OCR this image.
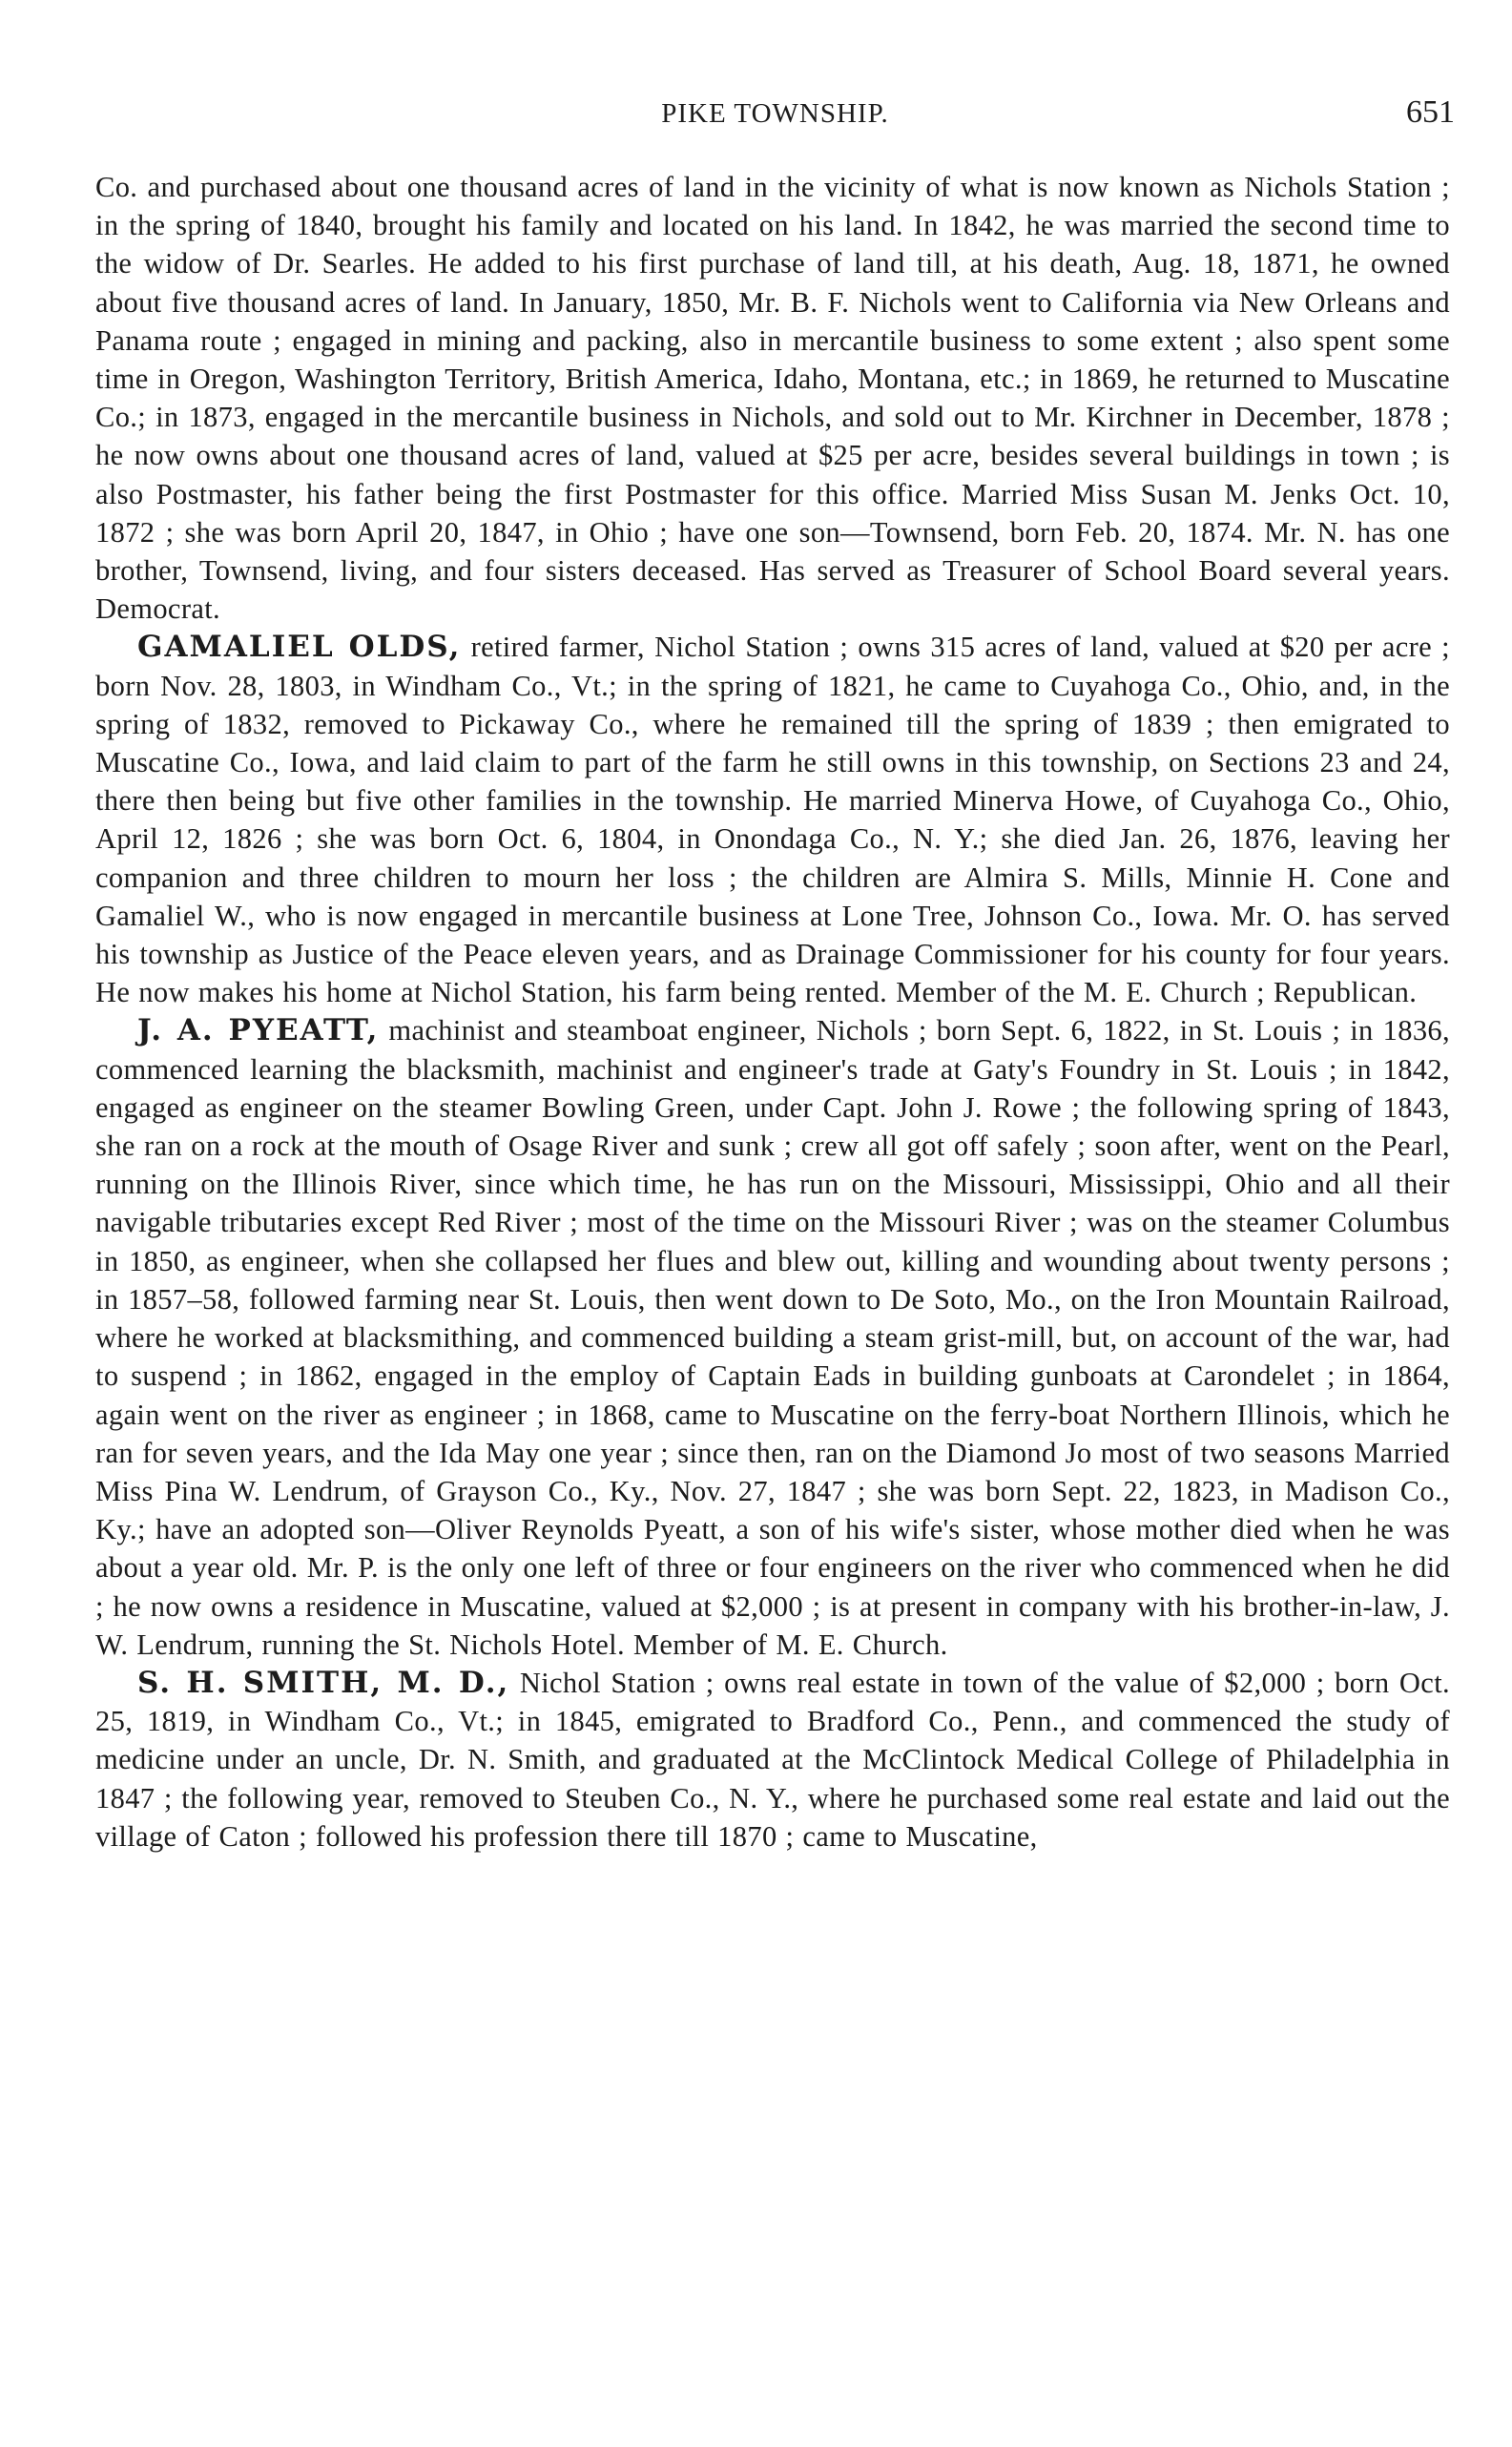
PIKE TOWNSHIP.	651

Co. and purchased about one thousand acres of land in the vicinity of what is now known as Nichols Station ; in the spring of 1840, brought his family and located on his land. In 1842, he was married the second time to the widow of Dr. Searles. He added to his first purchase of land till, at his death, Aug. 18, 1871, he owned about five thousand acres of land. In January, 1850, Mr. B. F. Nichols went to California via New Orleans and Panama route ; engaged in mining and packing, also in mercantile business to some extent ; also spent some time in Oregon, Washington Territory, British America, Idaho, Montana, etc.; in 1869, he returned to Muscatine Co.; in 1873, engaged in the mercantile business in Nichols, and sold out to Mr. Kirchner in December, 1878 ; he now owns about one thousand acres of land, valued at $25 per acre, besides several buildings in town ; is also Postmaster, his father being the first Postmaster for this office. Married Miss Susan M. Jenks Oct. 10, 1872 ; she was born April 20, 1847, in Ohio ; have one son—Townsend, born Feb. 20, 1874. Mr. N. has one brother, Townsend, living, and four sisters deceased. Has served as Treasurer of School Board several years. Democrat.

GAMALIEL OLDS, retired farmer, Nichol Station ; owns 315 acres of land, valued at $20 per acre ; born Nov. 28, 1803, in Windham Co., Vt.; in the spring of 1821, he came to Cuyahoga Co., Ohio, and, in the spring of 1832, removed to Pickaway Co., where he remained till the spring of 1839 ; then emigrated to Muscatine Co., Iowa, and laid claim to part of the farm he still owns in this township, on Sections 23 and 24, there then being but five other families in the township. He married Minerva Howe, of Cuyahoga Co., Ohio, April 12, 1826 ; she was born Oct. 6, 1804, in Onondaga Co., N. Y.; she died Jan. 26, 1876, leaving her companion and three children to mourn her loss ; the children are Almira S. Mills, Minnie H. Cone and Gamaliel W., who is now engaged in mercantile business at Lone Tree, Johnson Co., Iowa. Mr. O. has served his township as Justice of the Peace eleven years, and as Drainage Commissioner for his county for four years. He now makes his home at Nichol Station, his farm being rented. Member of the M. E. Church ; Republican.

J. A. PYEATT, machinist and steamboat engineer, Nichols ; born Sept. 6, 1822, in St. Louis ; in 1836, commenced learning the blacksmith, machinist and engineer's trade at Gaty's Foundry in St. Louis ; in 1842, engaged as engineer on the steamer Bowling Green, under Capt. John J. Rowe ; the following spring of 1843, she ran on a rock at the mouth of Osage River and sunk ; crew all got off safely ; soon after, went on the Pearl, running on the Illinois River, since which time, he has run on the Missouri, Mississippi, Ohio and all their navigable tributaries except Red River ; most of the time on the Missouri River ; was on the steamer Columbus in 1850, as engineer, when she collapsed her flues and blew out, killing and wounding about twenty persons ; in 1857–58, followed farming near St. Louis, then went down to De Soto, Mo., on the Iron Mountain Railroad, where he worked at blacksmithing, and commenced building a steam grist-mill, but, on account of the war, had to suspend ; in 1862, engaged in the employ of Captain Eads in building gunboats at Carondelet ; in 1864, again went on the river as engineer ; in 1868, came to Muscatine on the ferry-boat Northern Illinois, which he ran for seven years, and the Ida May one year ; since then, ran on the Diamond Jo most of two seasons Married Miss Pina W. Lendrum, of Grayson Co., Ky., Nov. 27, 1847 ; she was born Sept. 22, 1823, in Madison Co., Ky.; have an adopted son—Oliver Reynolds Pyeatt, a son of his wife's sister, whose mother died when he was about a year old. Mr. P. is the only one left of three or four engineers on the river who commenced when he did ; he now owns a residence in Muscatine, valued at $2,000 ; is at present in company with his brother-in-law, J. W. Lendrum, running the St. Nichols Hotel. Member of M. E. Church.

S. H. SMITH, M. D., Nichol Station ; owns real estate in town of the value of $2,000 ; born Oct. 25, 1819, in Windham Co., Vt.; in 1845, emigrated to Bradford Co., Penn., and commenced the study of medicine under an uncle, Dr. N. Smith, and graduated at the McClintock Medical College of Philadelphia in 1847 ; the following year, removed to Steuben Co., N. Y., where he purchased some real estate and laid out the village of Caton ; followed his profession there till 1870 ; came to Muscatine,
